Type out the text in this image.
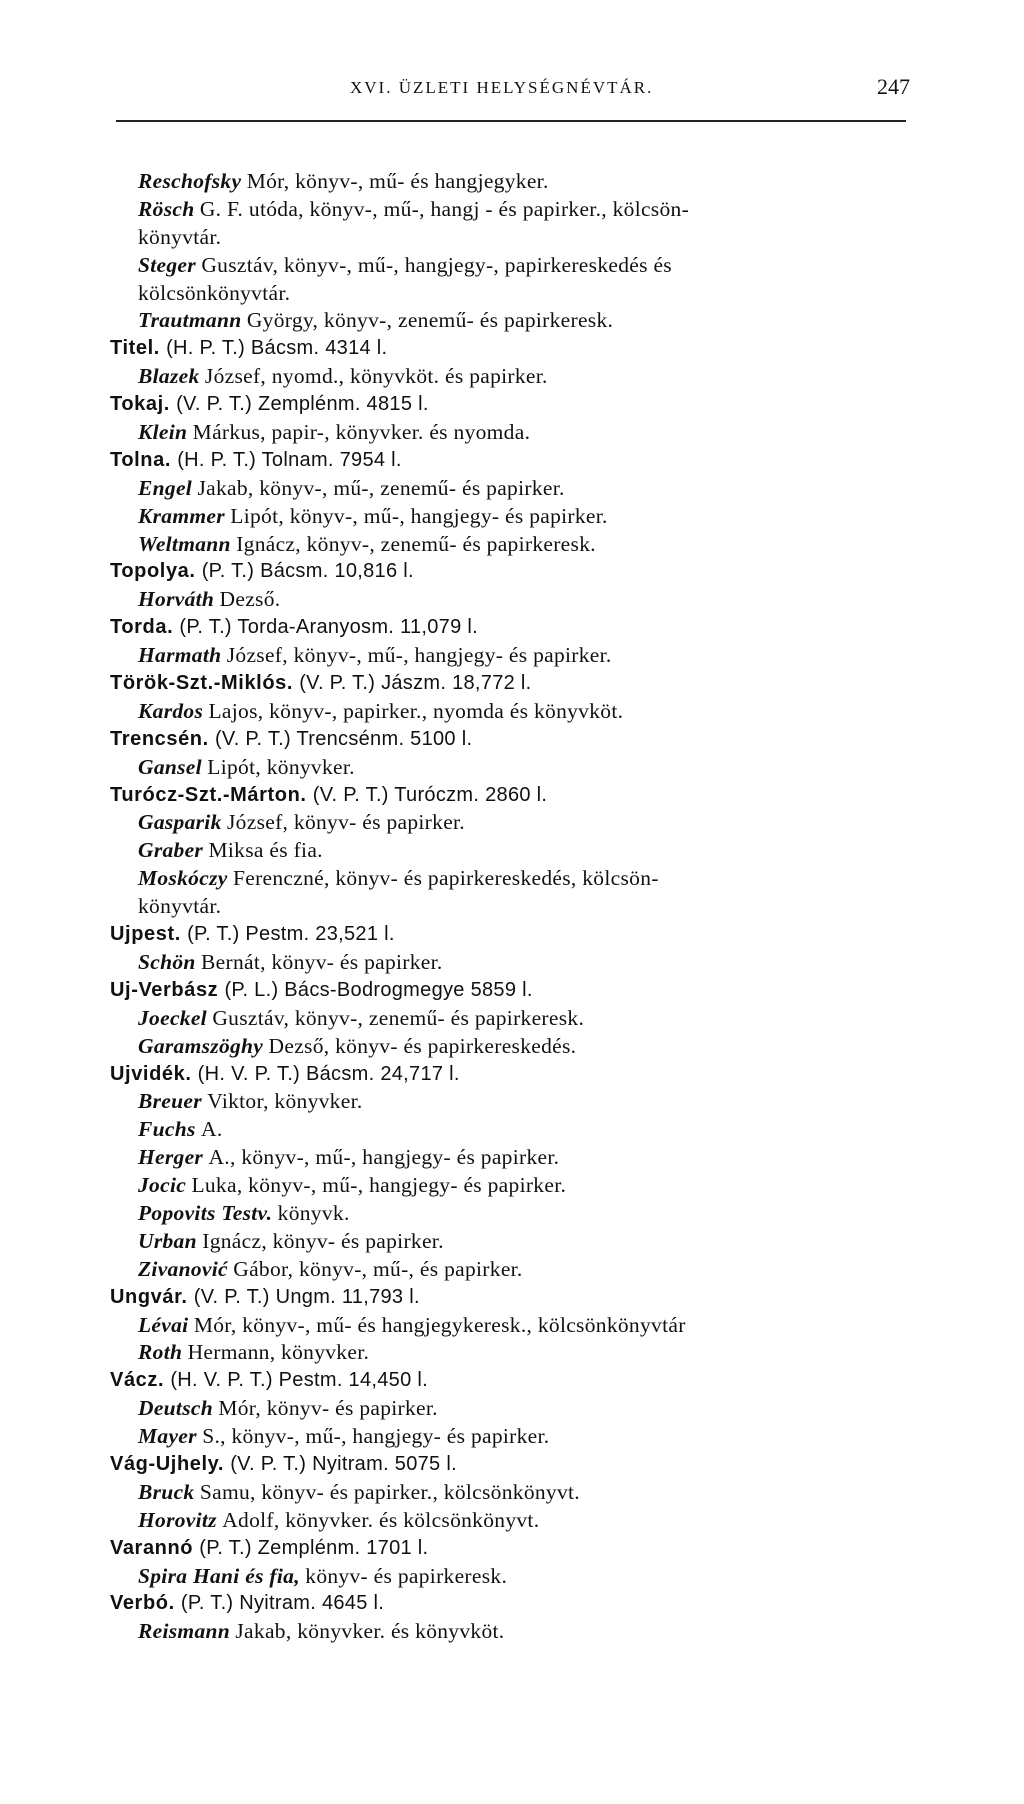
XVI. ÜZLETI HELYSÉGNÉVTÁR.	247
Reschofsky Mór, könyv-, mű- és hangjegyker.
Rösch G. F. utóda, könyv-, mű-, hangj - és papirker., kölcsön-
könyvtár.
Steger Gusztáv, könyv-, mű-, hangjegy-, papirkereskedés és
kölcsönkönyvtár.
Trautmann György, könyv-, zenemű- és papirkeresk.
Titel. (H. P. T.) Bácsm. 4314 l.
Blazek József, nyomd., könyvköt. és papirker.
Tokaj. (V. P. T.) Zemplénm. 4815 l.
Klein Márkus, papir-, könyvker. és nyomda.
Tolna. (H. P. T.) Tolnam. 7954 l.
Engel Jakab, könyv-, mű-, zenemű- és papirker.
Krammer Lipót, könyv-, mű-, hangjegy- és papirker.
Weltmann Ignácz, könyv-, zenemű- és papirkeresk.
Topolya. (P. T.) Bácsm. 10,816 l.
Horváth Dezső.
Torda. (P. T.) Torda-Aranyosm. 11,079 l.
Harmath József, könyv-, mű-, hangjegy- és papirker.
Török-Szt.-Miklós. (V. P. T.) Jászm. 18,772 l.
Kardos Lajos, könyv-, papirker., nyomda és könyvköt.
Trencsén. (V. P. T.) Trencsénm. 5100 l.
Gansel Lipót, könyvker.
Turócz-Szt.-Márton. (V. P. T.) Turóczm. 2860 l.
Gasparik József, könyv- és papirker.
Graber Miksa és fia.
Moskóczy Ferenczné, könyv- és papirkereskedés, kölcsön-
könyvtár.
Ujpest. (P. T.) Pestm. 23,521 l.
Schön Bernát, könyv- és papirker.
Uj-Verbász (P. L.) Bács-Bodrogmegye 5859 l.
Joeckel Gusztáv, könyv-, zenemű- és papirkeresk.
Garamszöghy Dezső, könyv- és papirkereskedés.
Ujvidék. (H. V. P. T.) Bácsm. 24,717 l.
Breuer Viktor, könyvker.
Fuchs A.
Herger A., könyv-, mű-, hangjegy- és papirker.
Jocic Luka, könyv-, mű-, hangjegy- és papirker.
Popovits Testv. könyvk.
Urban Ignácz, könyv- és papirker.
Zivanović Gábor, könyv-, mű-, és papirker.
Ungvár. (V. P. T.) Ungm. 11,793 l.
Lévai Mór, könyv-, mű- és hangjegykeresk., kölcsönkönyvtár
Roth Hermann, könyvker.
Vácz. (H. V. P. T.) Pestm. 14,450 l.
Deutsch Mór, könyv- és papirker.
Mayer S., könyv-, mű-, hangjegy- és papirker.
Vág-Ujhely. (V. P. T.) Nyitram. 5075 l.
Bruck Samu, könyv- és papirker., kölcsönkönyvt.
Horovitz Adolf, könyvker. és kölcsönkönyvt.
Varannó (P. T.) Zemplénm. 1701 l.
Spira Hani és fia, könyv- és papirkeresk.
Verbó. (P. T.) Nyitram. 4645 l.
Reismann Jakab, könyvker. és könyvköt.
